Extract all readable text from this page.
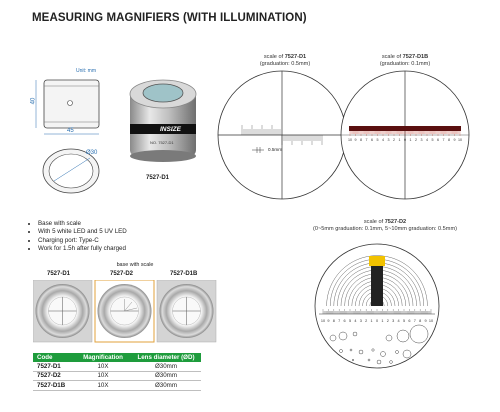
MEASURING MAGNIFIERS (WITH ILLUMINATION)
Unit: mm
40
45
Ø30
INSIZE
NO. 7527-D1
7527-D1
scale of 7527-D1
(graduation: 0.5mm)
0.5mm
scale of 7527-D1B
(graduation: 0.1mm)
10 9 8 7 6 5 4 3 2 1 0 1 2 3 4 5 6 7 8 9 10
• Base with scale
• With 5 white LED and 5 UV LED
• Charging port: Type-C
• Work for 1.5h after fully charged
base with scale
7527-D1	7527-D2	7527-D1B
Code	Magnification	Lens diameter (ØD)
7527-D1	10X	Ø30mm
7527-D2	10X	Ø30mm
7527-D1B	10X	Ø30mm
scale of 7527-D2
(0~5mm graduation: 0.1mm, 5~10mm graduation: 0.5mm)
10 9 8 7 6 5 4 3 2 1 0 1 2 3 4 5 6 7 8 9 10
